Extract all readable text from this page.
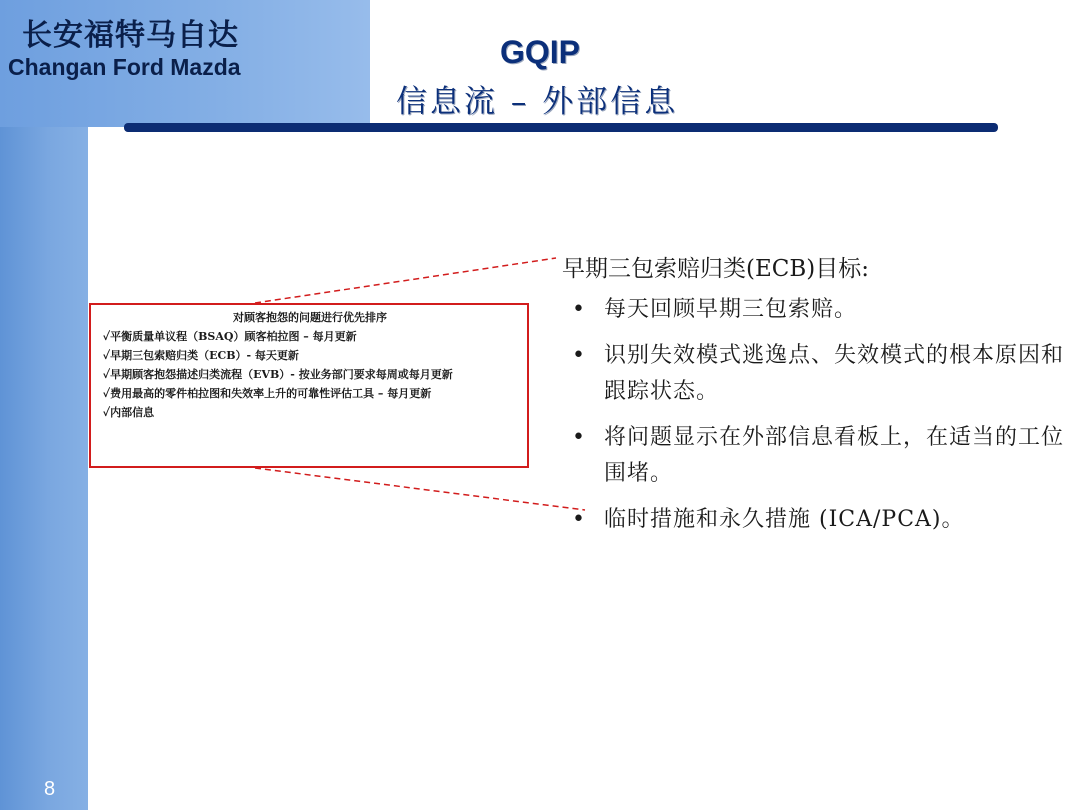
长安福特马自达
Changan Ford Mazda	GQIP
信息流 – 外部信息
对顾客抱怨的问题进行优先排序
✓平衡质量单议程（BSAQ）顾客柏拉图 – 每月更新
✓早期三包索赔归类（ECB）- 每天更新
✓早期顾客抱怨描述归类流程（EVB）- 按业务部门要求每周或每月更新
✓费用最高的零件柏拉图和失效率上升的可靠性评估工具 – 每月更新
✓内部信息
早期三包索赔归类(ECB)目标:
• 每天回顾早期三包索赔。
• 识别失效模式逃逸点、失效模式的根本原因和跟踪状态。
• 将问题显示在外部信息看板上，在适当的工位围堵。
• 临时措施和永久措施 (ICA/PCA)。
8
